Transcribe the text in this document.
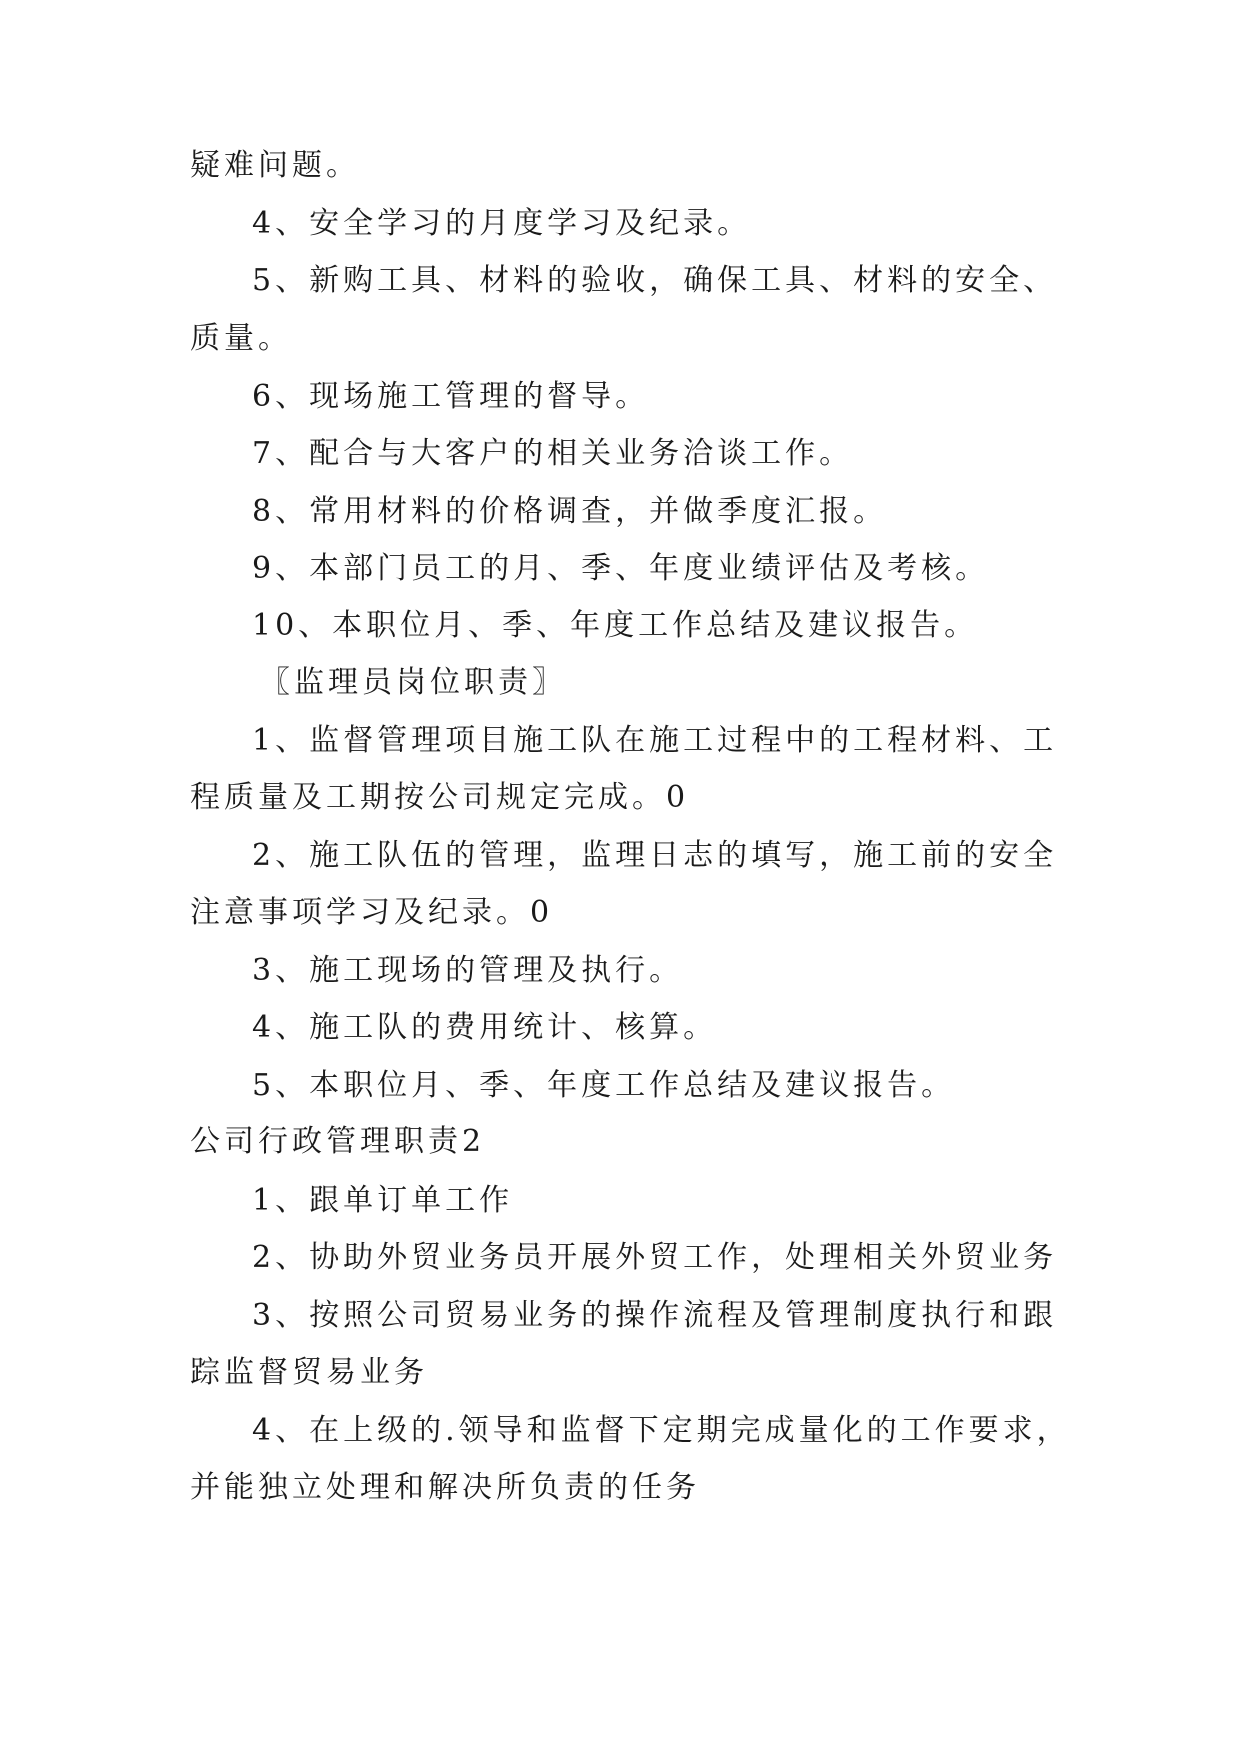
疑难问题。
4、安全学习的月度学习及纪录。
5、新购工具、材料的验收，确保工具、材料的安全、
质量。
6、现场施工管理的督导。
7、配合与大客户的相关业务洽谈工作。
8、常用材料的价格调查，并做季度汇报。
9、本部门员工的月、季、年度业绩评估及考核。
10、本职位月、季、年度工作总结及建议报告。
〖监理员岗位职责〗
1、监督管理项目施工队在施工过程中的工程材料、工
程质量及工期按公司规定完成。0
2、施工队伍的管理，监理日志的填写，施工前的安全
注意事项学习及纪录。0
3、施工现场的管理及执行。
4、施工队的费用统计、核算。
5、本职位月、季、年度工作总结及建议报告。
公司行政管理职责2
1、跟单订单工作
2、协助外贸业务员开展外贸工作，处理相关外贸业务
3、按照公司贸易业务的操作流程及管理制度执行和跟
踪监督贸易业务
4、在上级的.领导和监督下定期完成量化的工作要求，
并能独立处理和解决所负责的任务
